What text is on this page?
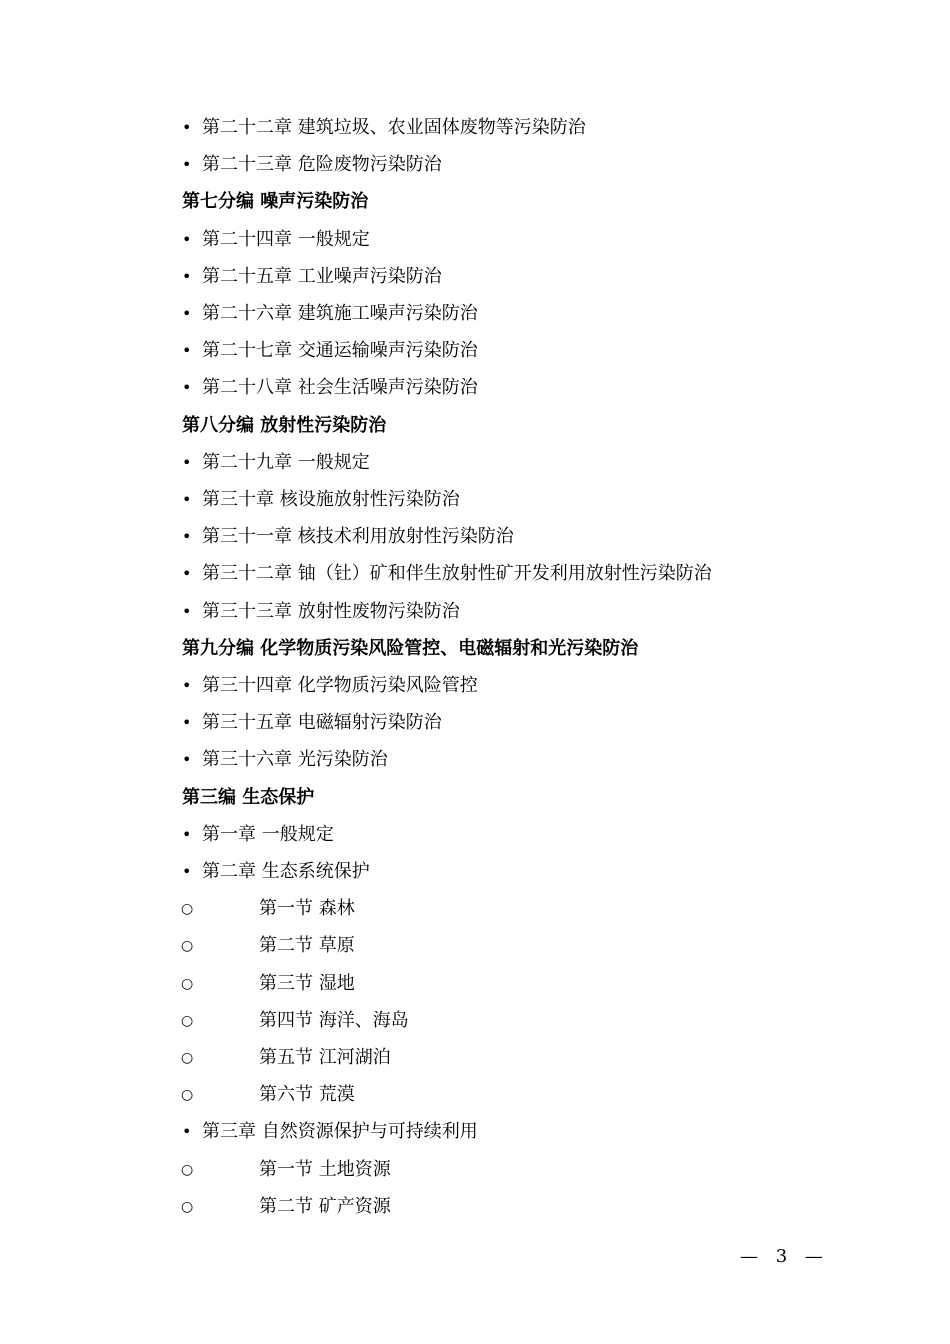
• 第二十二章 建筑垃圾、农业固体废物等污染防治
• 第二十三章 危险废物污染防治
第七分编 噪声污染防治
• 第二十四章 一般规定
• 第二十五章 工业噪声污染防治
• 第二十六章 建筑施工噪声污染防治
• 第二十七章 交通运输噪声污染防治
• 第二十八章 社会生活噪声污染防治
第八分编 放射性污染防治
• 第二十九章 一般规定
• 第三十章 核设施放射性污染防治
• 第三十一章 核技术利用放射性污染防治
• 第三十二章 铀（钍）矿和伴生放射性矿开发利用放射性污染防治
• 第三十三章 放射性废物污染防治
第九分编 化学物质污染风险管控、电磁辐射和光污染防治
• 第三十四章 化学物质污染风险管控
• 第三十五章 电磁辐射污染防治
• 第三十六章 光污染防治
第三编 生态保护
• 第一章 一般规定
• 第二章 生态系统保护
○	第一节 森林
○	第二节 草原
○	第三节 湿地
○	第四节 海洋、海岛
○	第五节 江河湖泊
○	第六节 荒漠
• 第三章 自然资源保护与可持续利用
○	第一节 土地资源
○	第二节 矿产资源
— 3 —
